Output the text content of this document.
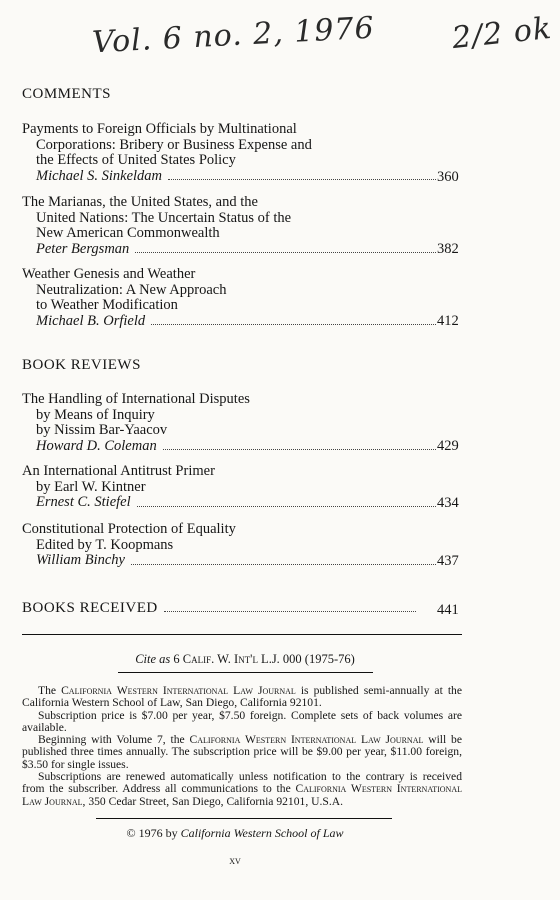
Vol. 6 no. 2, 1976	2/2 ok
COMMENTS
Payments to Foreign Officials by Multinational
Corporations: Bribery or Business Expense and
the Effects of United States Policy
Michael S. Sinkeldam	360
The Marianas, the United States, and the
United Nations: The Uncertain Status of the
New American Commonwealth
Peter Bergsman	382
Weather Genesis and Weather
Neutralization: A New Approach
to Weather Modification
Michael B. Orfield	412
BOOK REVIEWS
The Handling of International Disputes
by Means of Inquiry
by Nissim Bar-Yaacov
Howard D. Coleman	429
An International Antitrust Primer
by Earl W. Kintner
Ernest C. Stiefel	434
Constitutional Protection of Equality
Edited by T. Koopmans
William Binchy	437
BOOKS RECEIVED	441
Cite as 6 Calif. W. Int'l L.J. 000 (1975-76)

The California Western International Law Journal is published semi-annually at the California Western School of Law, San Diego, California 92101.

Subscription price is $7.00 per year, $7.50 foreign. Complete sets of back volumes are available.

Beginning with Volume 7, the California Western International Law Journal will be published three times annually. The subscription price will be $9.00 per year, $11.00 foreign, $3.50 for single issues.

Subscriptions are renewed automatically unless notification to the contrary is received from the subscriber. Address all communications to the California Western International Law Journal, 350 Cedar Street, San Diego, California 92101, U.S.A.

© 1976 by California Western School of Law
xv
